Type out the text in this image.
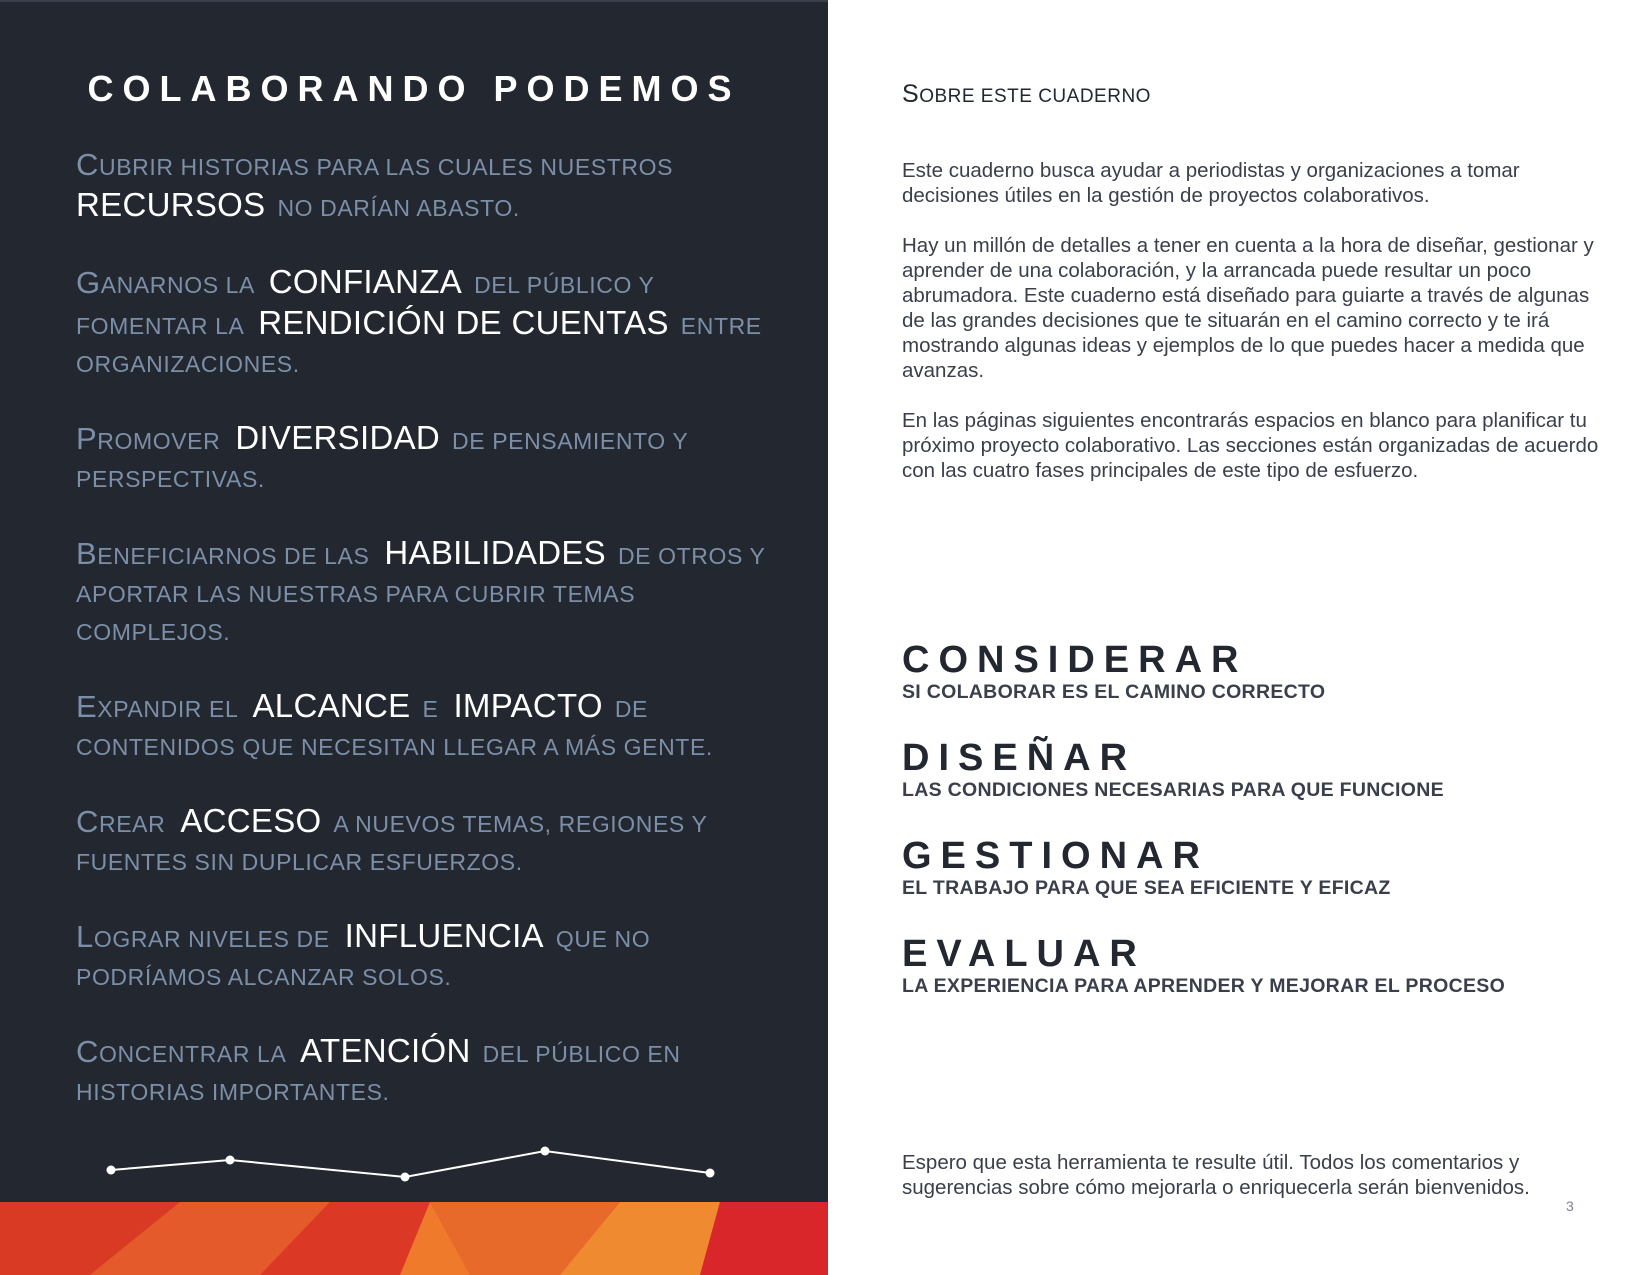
COLABORANDO PODEMOS
CUBRIR HISTORIAS PARA LAS CUALES NUESTROS
RECURSOS NO DARÍAN ABASTO.
GANARNOS LA CONFIANZA DEL PÚBLICO Y FOMENTAR LA RENDICIÓN DE CUENTAS ENTRE ORGANIZACIONES.
PROMOVER DIVERSIDAD DE PENSAMIENTO Y PERSPECTIVAS.
BENEFICIARNOS DE LAS HABILIDADES DE OTROS Y APORTAR LAS NUESTRAS PARA CUBRIR TEMAS COMPLEJOS.
EXPANDIR EL ALCANCE E IMPACTO DE CONTENIDOS QUE NECESITAN LLEGAR A MÁS GENTE.
CREAR ACCESO A NUEVOS TEMAS, REGIONES Y FUENTES SIN DUPLICAR ESFUERZOS.
LOGRAR NIVELES DE INFLUENCIA QUE NO PODRÍAMOS ALCANZAR SOLOS.
CONCENTRAR LA ATENCIÓN DEL PÚBLICO EN HISTORIAS IMPORTANTES.
SOBRE ESTE CUADERNO

Este cuaderno busca ayudar a periodistas y organizaciones a tomar decisiones útiles en la gestión de proyectos colaborativos.

Hay un millón de detalles a tener en cuenta a la hora de diseñar, gestionar y aprender de una colaboración, y la arrancada puede resultar un poco abrumadora. Este cuaderno está diseñado para guiarte a través de algunas de las grandes decisiones que te situarán en el camino correcto y te irá mostrando algunas ideas y ejemplos de lo que puedes hacer a medida que avanzas.

En las páginas siguientes encontrarás espacios en blanco para planificar tu próximo proyecto colaborativo. Las secciones están organizadas de acuerdo con las cuatro fases principales de este tipo de esfuerzo.

CONSIDERAR
SI COLABORAR ES EL CAMINO CORRECTO
DISEÑAR
LAS CONDICIONES NECESARIAS PARA QUE FUNCIONE
GESTIONAR
EL TRABAJO PARA QUE SEA EFICIENTE Y EFICAZ
EVALUAR
LA EXPERIENCIA PARA APRENDER Y MEJORAR EL PROCESO
Espero que esta herramienta te resulte útil. Todos los comentarios y sugerencias sobre cómo mejorarla o enriquecerla serán bienvenidos.
3
